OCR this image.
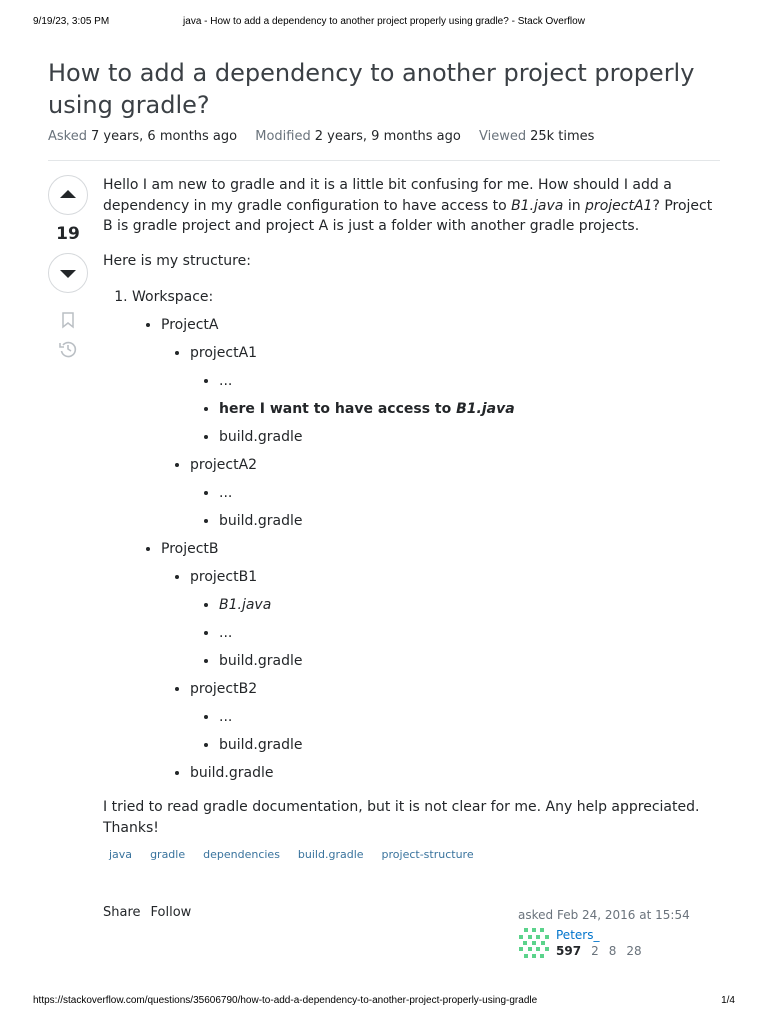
9/19/23, 3:05 PM	java - How to add a dependency to another project properly using gradle? - Stack Overflow
How to add a dependency to another project properly using gradle?
Asked 7 years, 6 months ago Modified 2 years, 9 months ago Viewed 25k times
19

Hello I am new to gradle and it is a little bit confusing for me. How should I add a dependency in my gradle configuration to have access to B1.java in projectA1? Project B is gradle project and project A is just a folder with another gradle projects.

Here is my structure:

1. Workspace:
• ProjectA
• projectA1
• ...
• here I want to have access to B1.java
• build.gradle
• projectA2
• ...
• build.gradle
• ProjectB
• projectB1
• B1.java
• ...
• build.gradle
• projectB2
• ...
• build.gradle
• build.gradle

I tried to read gradle documentation, but it is not clear for me. Any help appreciated. Thanks!

java	gradle	dependencies	build.gradle	project-structure
Share Follow	asked Feb 24, 2016 at 15:54
Peters_
597 2 8 28
https://stackoverflow.com/questions/35606790/how-to-add-a-dependency-to-another-project-properly-using-gradle	1/4
